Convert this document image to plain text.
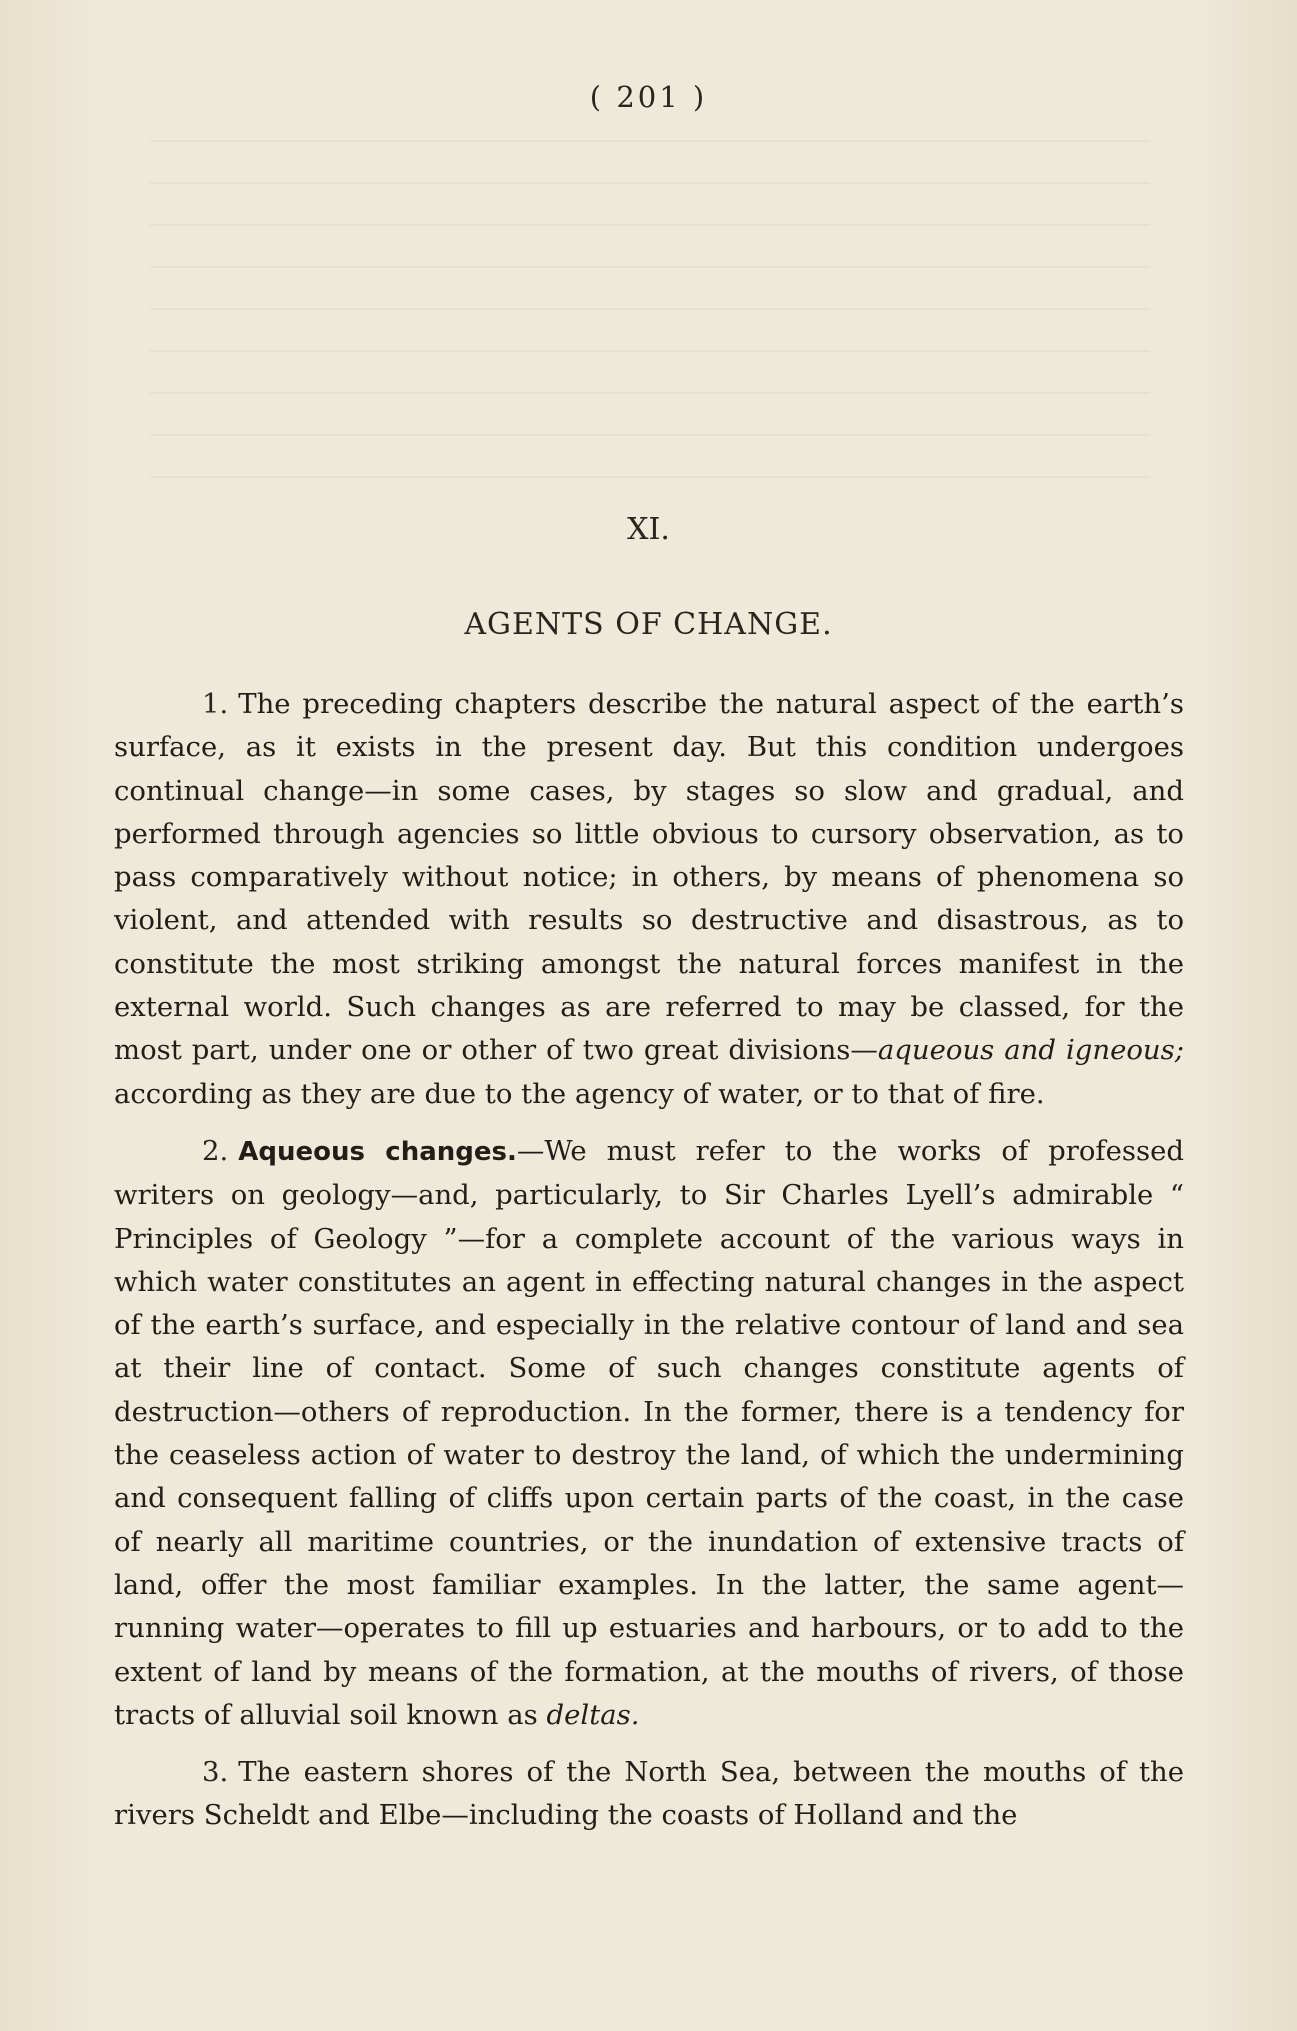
( 201 )
XI.
AGENTS OF CHANGE.

1. The preceding chapters describe the natural aspect of the earth’s surface, as it exists in the present day. But this condition undergoes continual change—in some cases, by stages so slow and gradual, and performed through agencies so little obvious to cursory observation, as to pass comparatively without notice; in others, by means of phenomena so violent, and attended with results so destructive and disastrous, as to constitute the most striking amongst the natural forces manifest in the external world. Such changes as are referred to may be classed, for the most part, under one or other of two great divisions—aqueous and igneous; according as they are due to the agency of water, or to that of fire.

2. Aqueous changes.—We must refer to the works of professed writers on geology—and, particularly, to Sir Charles Lyell’s admirable “ Principles of Geology ”—for a complete account of the various ways in which water constitutes an agent in effecting natural changes in the aspect of the earth’s surface, and especially in the relative contour of land and sea at their line of contact. Some of such changes constitute agents of destruction—others of reproduction. In the former, there is a tendency for the ceaseless action of water to destroy the land, of which the undermining and consequent falling of cliffs upon certain parts of the coast, in the case of nearly all maritime countries, or the inundation of extensive tracts of land, offer the most familiar examples. In the latter, the same agent—running water—operates to fill up estuaries and harbours, or to add to the extent of land by means of the formation, at the mouths of rivers, of those tracts of alluvial soil known as deltas.

3. The eastern shores of the North Sea, between the mouths of the rivers Scheldt and Elbe—including the coasts of Holland and the
